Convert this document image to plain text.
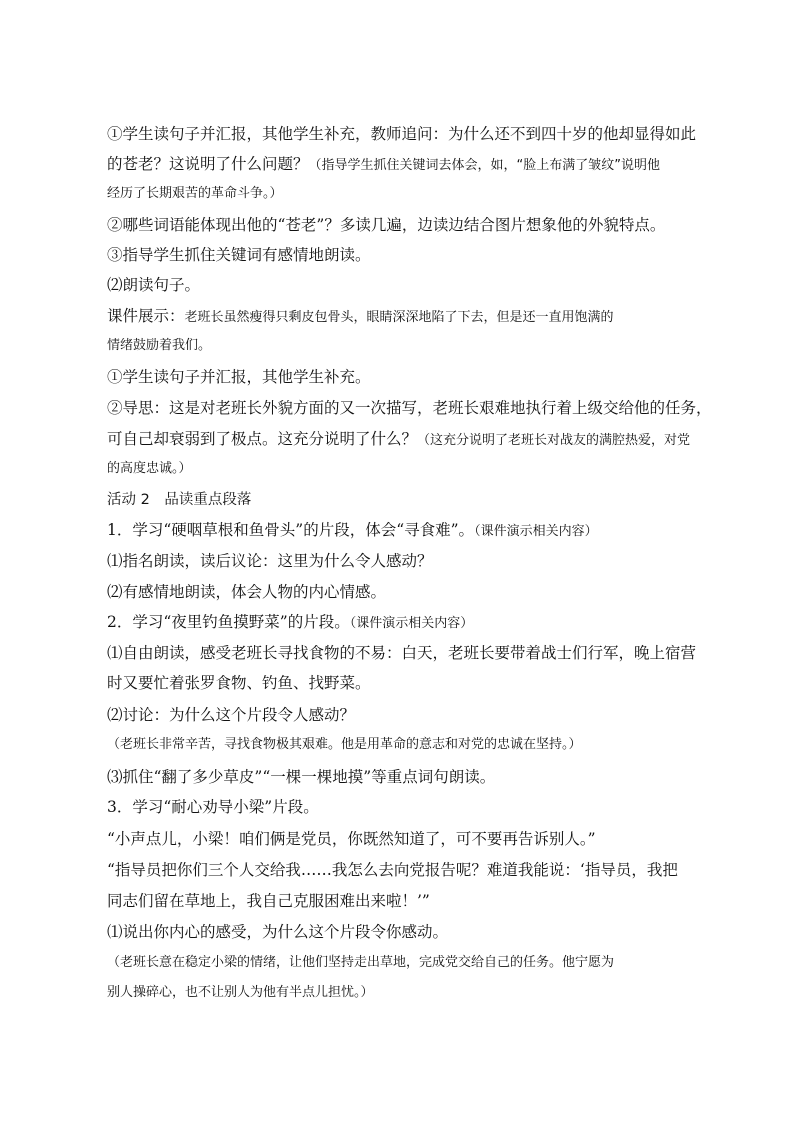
①学生读句子并汇报，其他学生补充，教师追问：为什么还不到四十岁的他却显得如此
的苍老？这说明了什么问题？（指导学生抓住关键词去体会，如，“脸上布满了皱纹”说明他
经历了长期艰苦的革命斗争。）
②哪些词语能体现出他的“苍老”？多读几遍，边读边结合图片想象他的外貌特点。
③指导学生抓住关键词有感情地朗读。
⑵朗读句子。
课件展示：老班长虽然瘦得只剩皮包骨头，眼睛深深地陷了下去，但是还一直用饱满的
情绪鼓励着我们。
①学生读句子并汇报，其他学生补充。
②导思：这是对老班长外貌方面的又一次描写，老班长艰难地执行着上级交给他的任务，
可自己却衰弱到了极点。这充分说明了什么？（这充分说明了老班长对战友的满腔热爱，对党
的高度忠诚。）
活动 2　品读重点段落
1．学习“硬咽草根和鱼骨头”的片段，体会“寻食难”。（课件演示相关内容）
⑴指名朗读，读后议论：这里为什么令人感动？
⑵有感情地朗读，体会人物的内心情感。
2．学习“夜里钓鱼摸野菜”的片段。（课件演示相关内容）
⑴自由朗读，感受老班长寻找食物的不易：白天，老班长要带着战士们行军，晚上宿营
时又要忙着张罗食物、钓鱼、找野菜。
⑵讨论：为什么这个片段令人感动？
（老班长非常辛苦，寻找食物极其艰难。他是用革命的意志和对党的忠诚在坚持。）
⑶抓住“翻了多少草皮”“一棵一棵地摸”等重点词句朗读。
3．学习“耐心劝导小梁”片段。
“小声点儿，小梁！咱们俩是党员，你既然知道了，可不要再告诉别人。”
“指导员把你们三个人交给我……我怎么去向党报告呢？难道我能说：‘指导员，我把
同志们留在草地上，我自己克服困难出来啦！’”
⑴说出你内心的感受，为什么这个片段令你感动。
（老班长意在稳定小梁的情绪，让他们坚持走出草地，完成党交给自己的任务。他宁愿为
别人操碎心，也不让别人为他有半点儿担忧。）
